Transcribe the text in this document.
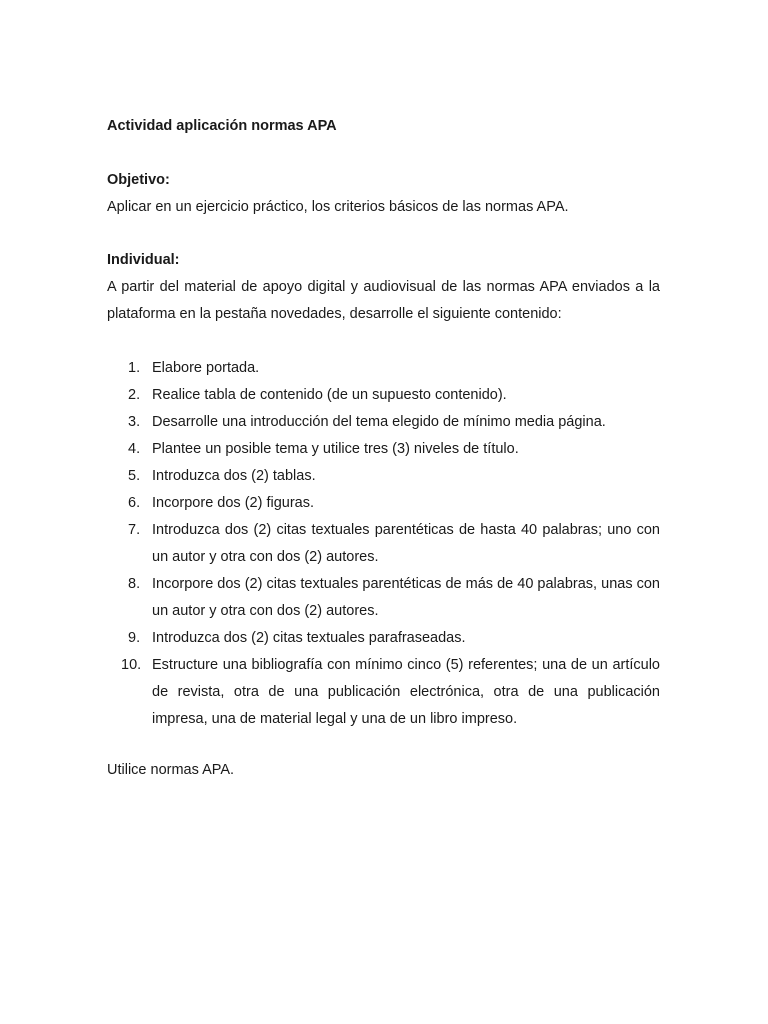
Actividad aplicación normas APA
Objetivo:
Aplicar en un ejercicio práctico, los criterios básicos de las normas APA.
Individual:
A partir del material de apoyo digital y audiovisual de las normas APA enviados a la plataforma en la pestaña novedades, desarrolle el siguiente contenido:
1. Elabore portada.
2. Realice tabla de contenido (de un supuesto contenido).
3. Desarrolle una introducción del tema elegido de mínimo media página.
4. Plantee un posible tema y utilice tres (3) niveles de título.
5. Introduzca dos (2) tablas.
6. Incorpore dos (2) figuras.
7. Introduzca dos (2) citas textuales parentéticas de hasta 40 palabras; uno con un autor y otra con dos (2) autores.
8. Incorpore dos (2) citas textuales parentéticas de más de 40 palabras, unas con un autor y otra con dos (2) autores.
9. Introduzca dos (2) citas textuales parafraseadas.
10. Estructure una bibliografía con mínimo cinco (5) referentes; una de un artículo de revista, otra de una publicación electrónica, otra de una publicación impresa, una de material legal y una de un libro impreso.
Utilice normas APA.
